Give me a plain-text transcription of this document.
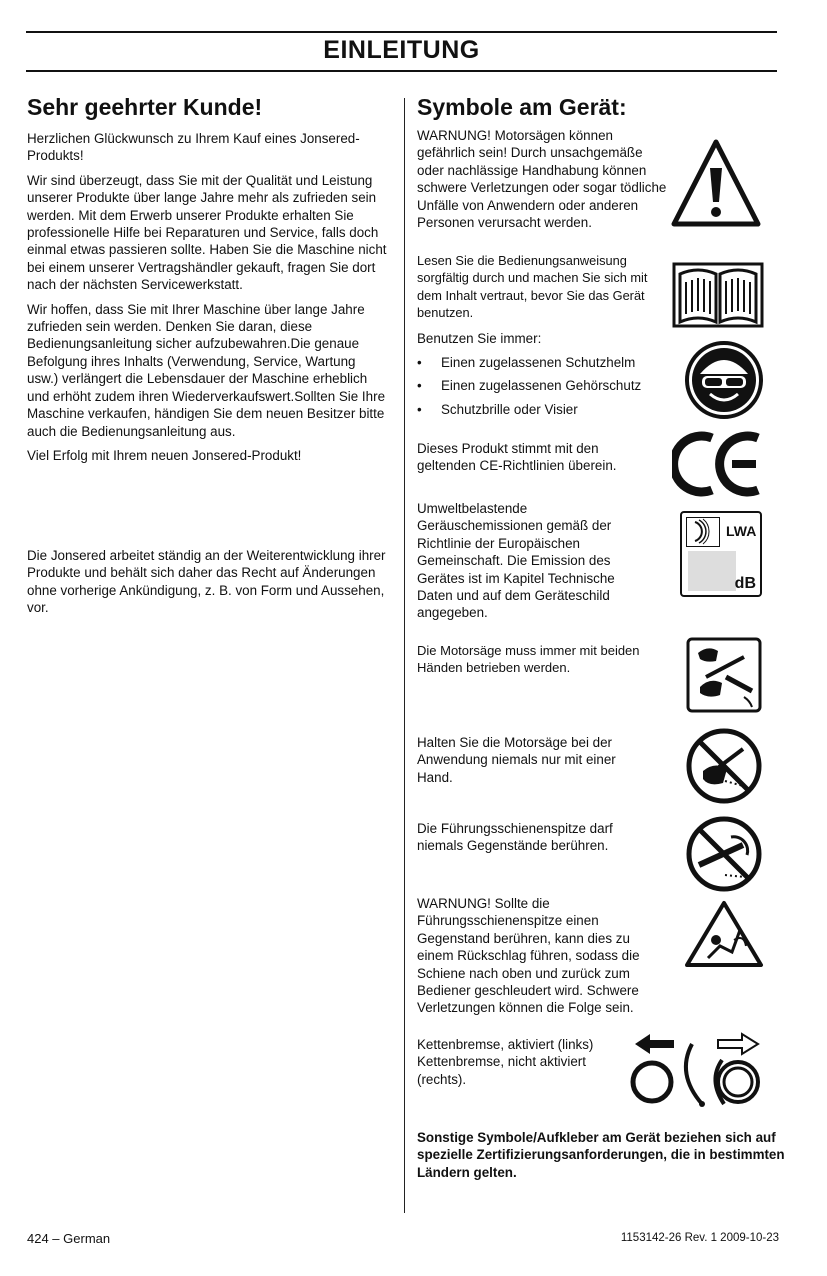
EINLEITUNG
Sehr geehrter Kunde!

Herzlichen Glückwunsch zu Ihrem Kauf eines Jonsered-Produkts!

Wir sind überzeugt, dass Sie mit der Qualität und Leistung unserer Produkte über lange Jahre mehr als zufrieden sein werden. Mit dem Erwerb unserer Produkte erhalten Sie professionelle Hilfe bei Reparaturen und Service, falls doch einmal etwas passieren sollte. Haben Sie die Maschine nicht bei einem unserer Vertragshändler gekauft, fragen Sie dort nach der nächsten Servicewerkstatt.

Wir hoffen, dass Sie mit Ihrer Maschine über lange Jahre zufrieden sein werden. Denken Sie daran, diese Bedienungsanleitung sicher aufzubewahren.Die genaue Befolgung ihres Inhalts (Verwendung, Service, Wartung usw.) verlängert die Lebensdauer der Maschine erheblich und erhöht zudem ihren Wiederverkaufswert.Sollten Sie Ihre Maschine verkaufen, händigen Sie dem neuen Besitzer bitte auch die Bedienungsanleitung aus.

Viel Erfolg mit Ihrem neuen Jonsered-Produkt!

Die Jonsered arbeitet ständig an der Weiterentwicklung ihrer Produkte und behält sich daher das Recht auf Änderungen ohne vorherige Ankündigung, z. B. von Form und Aussehen, vor.
Symbole am Gerät:
WARNUNG! Motorsägen können gefährlich sein! Durch unsachgemäße oder nachlässige Handhabung können schwere Verletzungen oder sogar tödliche Unfälle von Anwendern oder anderen Personen verursacht werden.
Lesen Sie die Bedienungsanweisung sorgfältig durch und machen Sie sich mit dem Inhalt vertraut, bevor Sie das Gerät benutzen.
Benutzen Sie immer:
• Einen zugelassenen Schutzhelm
• Einen zugelassenen Gehörschutz
• Schutzbrille oder Visier
Dieses Produkt stimmt mit den geltenden CE-Richtlinien überein.
Umweltbelastende Geräuschemissionen gemäß der Richtlinie der Europäischen Gemeinschaft. Die Emission des Gerätes ist im Kapitel Technische Daten und auf dem Geräteschild angegeben.
LWA
dB
Die Motorsäge muss immer mit beiden Händen betrieben werden.
Halten Sie die Motorsäge bei der Anwendung niemals nur mit einer Hand.
Die Führungsschienenspitze darf niemals Gegenstände berühren.
WARNUNG! Sollte die Führungsschienenspitze einen Gegenstand berühren, kann dies zu einem Rückschlag führen, sodass die Schiene nach oben und zurück zum Bediener geschleudert wird. Schwere Verletzungen können die Folge sein.
Kettenbremse, aktiviert (links) Kettenbremse, nicht aktiviert (rechts).
Sonstige Symbole/Aufkleber am Gerät beziehen sich auf spezielle Zertifizierungsanforderungen, die in bestimmten Ländern gelten.
424 – German	1153142-26 Rev. 1 2009-10-23
